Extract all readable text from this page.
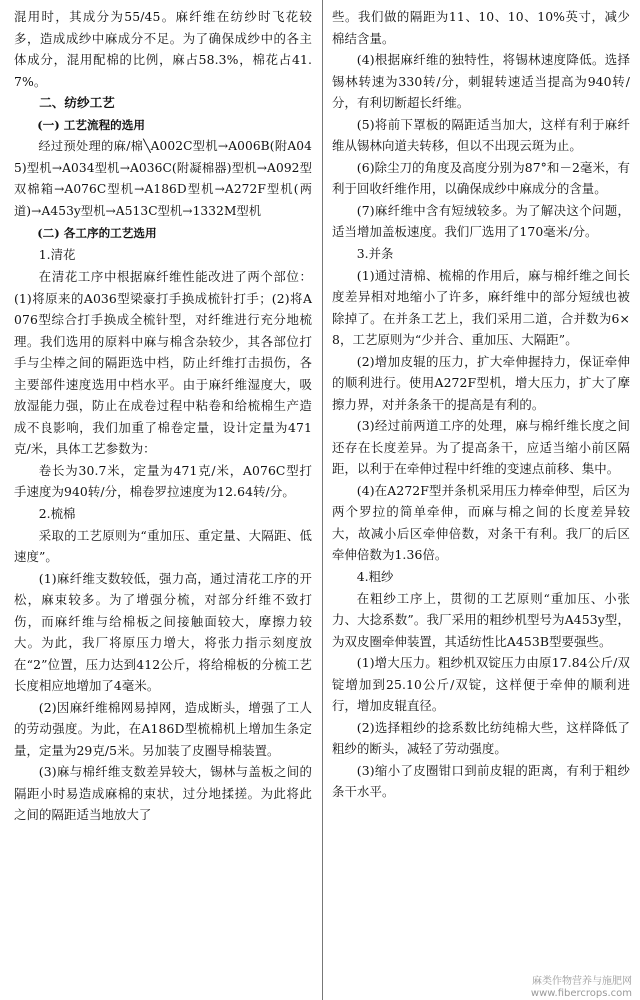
混用时，其成分为55/45。麻纤维在纺纱时飞花较多，造成成纱中麻成分不足。为了确保成纱中的各主体成分，混用配棉的比例，麻占58.3%，棉花占41.7%。

二、纺纱工艺
(一) 工艺流程的选用

经过预处理的麻/棉╲A002C型机→A006B(附A045)型机→A034型机→A036C(附凝棉器)型机→A092型双棉箱→A076C型机→A186D型机→A272F型机(两道)→A453y型机→A513C型机→1332M型机

(二) 各工序的工艺选用
1.清花

在清花工序中根据麻纤维性能改进了两个部位：(1)将原来的A036型梁豪打手换成梳针打手；(2)将A076型综合打手换成全梳针型，对纤维进行充分地梳理。我们选用的原料中麻与棉含杂较少，其各部位打手与尘棒之间的隔距选中档，防止纤维打击损伤，各主要部件速度选用中档水平。由于麻纤维湿度大，吸放湿能力强，防止在成卷过程中粘卷和给梳棉生产造成不良影响，我们加重了棉卷定量，设计定量为471克/米，具体工艺参数为：

卷长为30.7米，定量为471克/米，A076C型打手速度为940转/分，棉卷罗拉速度为12.64转/分。

2.梳棉

采取的工艺原则为“重加压、重定量、大隔距、低速度”。

(1)麻纤维支数较低，强力高，通过清花工序的开松，麻束较多。为了增强分梳，对部分纤维不致打伤，而麻纤维与给棉板之间接触面较大，摩擦力较大。为此，我厂将原压力增大，将张力指示刻度放在“2”位置，压力达到412公斤，将给棉板的分梳工艺长度相应地增加了4毫米。

(2)因麻纤维棉网易掉网，造成断头，增强了工人的劳动强度。为此，在A186D型梳棉机上增加生条定量，定量为29克/5米。另加装了皮圈导棉装置。

(3)麻与棉纤维支数差异较大，锡林与盖板之间的隔距小时易造成麻棉的束状，过分地揉搓。为此将此之间的隔距适当地放大了

些。我们做的隔距为11、10、10、10%英寸，减少棉结含量。

(4)根据麻纤维的独特性，将锡林速度降低。选择锡林转速为330转/分，刺辊转速适当提高为940转/分，有利切断超长纤维。

(5)将前下罩板的隔距适当加大，这样有利于麻纤维从锡林向道夫转移，但以不出现云斑为止。

(6)除尘刀的角度及高度分别为87°和－2毫米，有利于回收纤维作用，以确保成纱中麻成分的含量。

(7)麻纤维中含有短绒较多。为了解决这个问题，适当增加盖板速度。我们厂选用了170毫米/分。

3.并条

(1)通过清棉、梳棉的作用后，麻与棉纤维之间长度差异相对地缩小了许多，麻纤维中的部分短绒也被除掉了。在并条工艺上，我们采用二道，合并数为6×8，工艺原则为“少并合、重加压、大隔距”。

(2)增加皮辊的压力，扩大牵伸握持力，保证牵伸的顺利进行。使用A272F型机，增大压力，扩大了摩擦力界，对并条条干的提高是有利的。

(3)经过前两道工序的处理，麻与棉纤维长度之间还存在长度差异。为了提高条干，应适当缩小前区隔距，以利于在牵伸过程中纤维的变速点前移、集中。

(4)在A272F型并条机采用压力棒牵伸型，后区为两个罗拉的简单牵伸，而麻与棉之间的长度差异较大，故减小后区牵伸倍数，对条干有利。我厂的后区牵伸倍数为1.36倍。

4.粗纱

在粗纱工序上，贯彻的工艺原则“重加压、小张力、大捻系数”。我厂采用的粗纱机型号为A453y型，为双皮圈牵伸装置，其适纺性比A453B型要强些。

(1)增大压力。粗纱机双锭压力由原17.84公斤/双锭增加到25.10公斤/双锭，这样便于牵伸的顺利进行，增加皮辊直径。

(2)选择粗纱的捻系数比纺纯棉大些，这样降低了粗纱的断头，减轻了劳动强度。

(3)缩小了皮圈钳口到前皮辊的距离，有利于粗纱条干水平。

麻类作物营养与施肥网
www.fibercrops.com
